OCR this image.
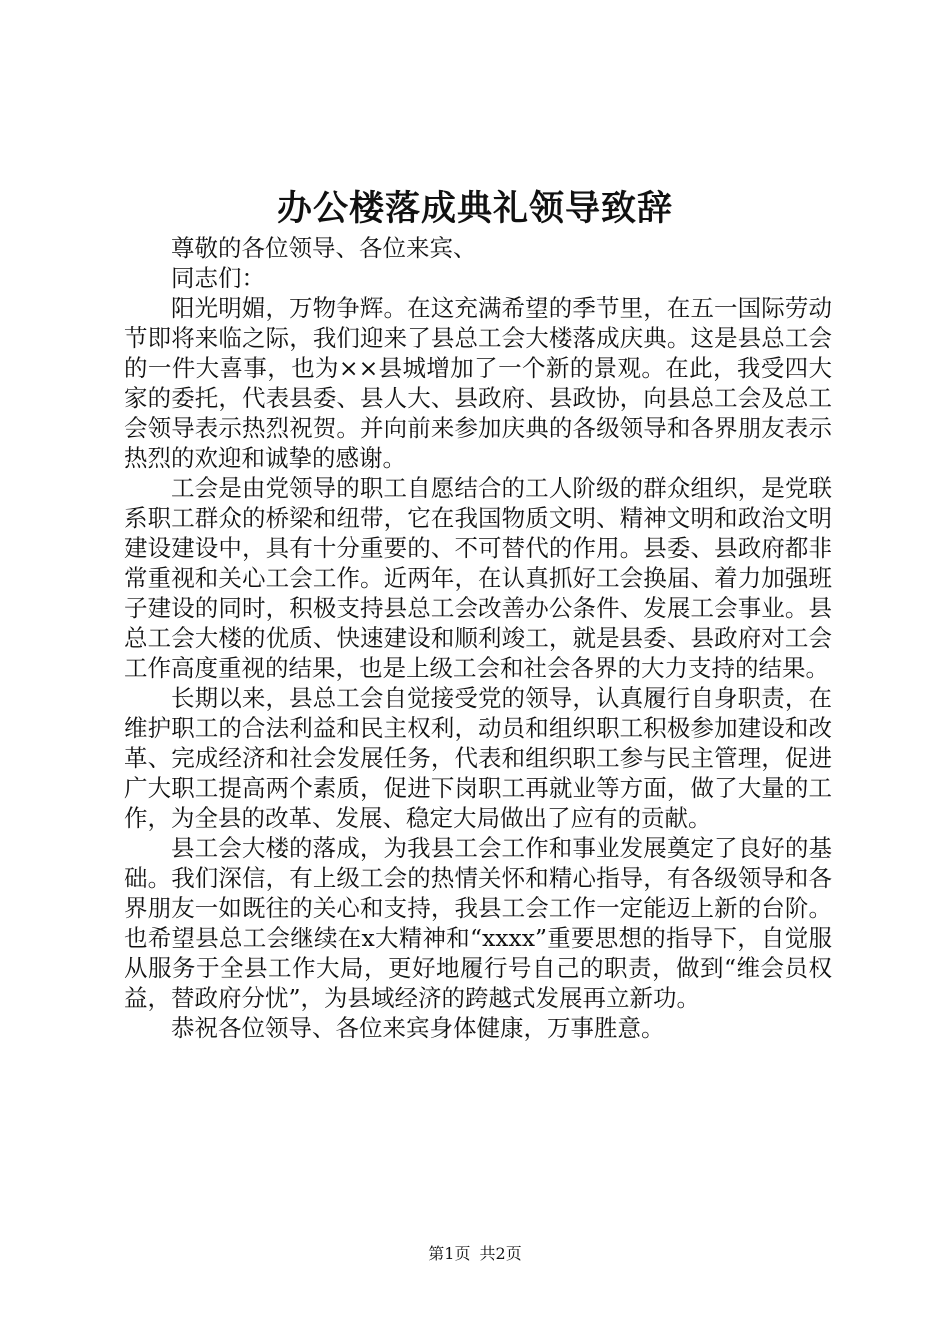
办公楼落成典礼领导致辞

尊敬的各位领导、各位来宾、

同志们：

阳光明媚，万物争辉。在这充满希望的季节里，在五一国际劳动节即将来临之际，我们迎来了县总工会大楼落成庆典。这是县总工会的一件大喜事，也为××县城增加了一个新的景观。在此，我受四大家的委托，代表县委、县人大、县政府、县政协，向县总工会及总工会领导表示热烈祝贺。并向前来参加庆典的各级领导和各界朋友表示热烈的欢迎和诚挚的感谢。

工会是由党领导的职工自愿结合的工人阶级的群众组织，是党联系职工群众的桥梁和纽带，它在我国物质文明、精神文明和政治文明建设建设中，具有十分重要的、不可替代的作用。县委、县政府都非常重视和关心工会工作。近两年，在认真抓好工会换届、着力加强班子建设的同时，积极支持县总工会改善办公条件、发展工会事业。县总工会大楼的优质、快速建设和顺利竣工，就是县委、县政府对工会工作高度重视的结果，也是上级工会和社会各界的大力支持的结果。

长期以来，县总工会自觉接受党的领导，认真履行自身职责，在维护职工的合法利益和民主权利，动员和组织职工积极参加建设和改革、完成经济和社会发展任务，代表和组织职工参与民主管理，促进广大职工提高两个素质，促进下岗职工再就业等方面，做了大量的工作，为全县的改革、发展、稳定大局做出了应有的贡献。

县工会大楼的落成，为我县工会工作和事业发展奠定了良好的基础。我们深信，有上级工会的热情关怀和精心指导，有各级领导和各界朋友一如既往的关心和支持，我县工会工作一定能迈上新的台阶。也希望县总工会继续在x大精神和“xxxx”重要思想的指导下，自觉服从服务于全县工作大局，更好地履行号自己的职责，做到“维会员权益，替政府分忧”，为县域经济的跨越式发展再立新功。

恭祝各位领导、各位来宾身体健康，万事胜意。

第1页 共2页
